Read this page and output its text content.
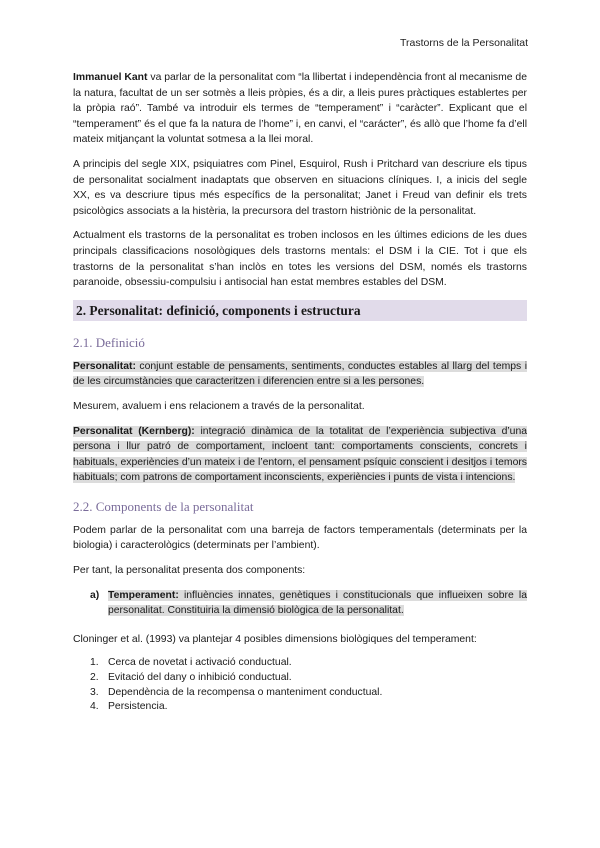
Trastorns de la Personalitat

Immanuel Kant va parlar de la personalitat com “la llibertat i independència front al mecanisme de la natura, facultat de un ser sotmès a lleis pròpies, és a dir, a lleis pures pràctiques establertes per la pròpia raó”. També va introduir els termes de “temperament” i “caràcter”. Explicant que el “temperament” és el que fa la natura de l’home” i, en canvi, el “carácter”, és allò que l’home fa d’ell mateix mitjançant la voluntat sotmesa a la llei moral.

A principis del segle XIX, psiquiatres com Pinel, Esquirol, Rush i Pritchard van descriure els tipus de personalitat socialment inadaptats que observen en situacions clíniques. I, a inicis del segle XX, es va descriure tipus més específics de la personalitat; Janet i Freud van definir els trets psicològics associats a la histèria, la precursora del trastorn histriònic de la personalitat.

Actualment els trastorns de la personalitat es troben inclosos en les últimes edicions de les dues principals classificacions nosològiques dels trastorns mentals: el DSM i la CIE. Tot i que els trastorns de la personalitat s’han inclòs en totes les versions del DSM, només els trastorns paranoide, obsessiu-compulsiu i antisocial han estat membres estables del DSM.

2. Personalitat: definició, components i estructura
2.1. Definició

Personalitat: conjunt estable de pensaments, sentiments, conductes estables al llarg del temps i de les circumstàncies que caracteritzen i diferencien entre si a les persones.

Mesurem, avaluem i ens relacionem a través de la personalitat.

Personalitat (Kernberg): integració dinàmica de la totalitat de l’experiència subjectiva d’una persona i llur patró de comportament, incloent tant: comportaments conscients, concrets i habituals, experiències d’un mateix i de l’entorn, el pensament psíquic conscient i desitjos i temors habituals; com patrons de comportament inconscients, experiències i punts de vista i intencions.

2.2. Components de la personalitat

Podem parlar de la personalitat com una barreja de factors temperamentals (determinats per la biologia) i caracterològics (determinats per l’ambient).

Per tant, la personalitat presenta dos components:

a) Temperament: influències innates, genètiques i constitucionals que influeixen sobre la personalitat. Constituiria la dimensió biològica de la personalitat.

Cloninger et al. (1993) va plantejar 4 posibles dimensions biològiques del temperament:

1. Cerca de novetat i activació conductual.
2. Evitació del dany o inhibició conductual.
3. Dependència de la recompensa o manteniment conductual.
4. Persistencia.
